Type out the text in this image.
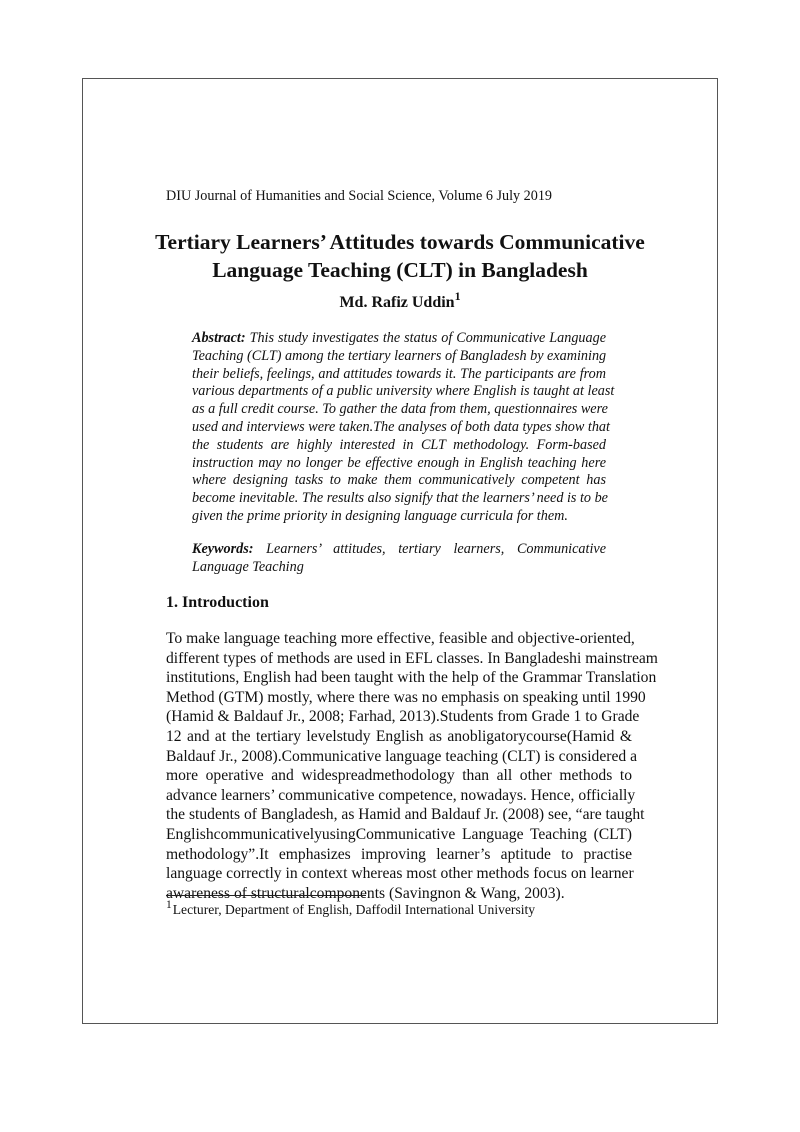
DIU Journal of Humanities and Social Science, Volume 6 July 2019
Tertiary Learners’ Attitudes towards Communicative
Language Teaching (CLT) in Bangladesh
Md. Rafiz Uddin$^1$
Abstract: This study investigates the status of Communicative Language
Teaching (CLT) among the tertiary learners of Bangladesh by examining
their beliefs, feelings, and attitudes towards it. The participants are from
various departments of a public university where English is taught at least
as a full credit course. To gather the data from them, questionnaires were
used and interviews were taken.The analyses of both data types show that
the students are highly interested in CLT methodology. Form-based
instruction may no longer be effective enough in English teaching here
where designing tasks to make them communicatively competent has
become inevitable. The results also signify that the learners’ need is to be
given the prime priority in designing language curricula for them.
Keywords: Learners’ attitudes, tertiary learners, Communicative
Language Teaching
1. Introduction
To make language teaching more effective, feasible and objective-oriented,
different types of methods are used in EFL classes. In Bangladeshi mainstream
institutions, English had been taught with the help of the Grammar Translation
Method (GTM) mostly, where there was no emphasis on speaking until 1990
(Hamid & Baldauf Jr., 2008; Farhad, 2013).Students from Grade 1 to Grade
12 and at the tertiary levelstudy English as anobligatorycourse(Hamid &
Baldauf Jr., 2008).Communicative language teaching (CLT) is considered a
more operative and widespreadmethodology than all other methods to
advance learners’ communicative competence, nowadays. Hence, officially
the students of Bangladesh, as Hamid and Baldauf Jr. (2008) see, “are taught
EnglishcommunicativelyusingCommunicative Language Teaching (CLT)
methodology”.It emphasizes improving learner’s aptitude to practise
language correctly in context whereas most other methods focus on learner
awareness of structuralcomponents (Savingnon & Wang, 2003).
$^1$Lecturer, Department of English, Daffodil International University
